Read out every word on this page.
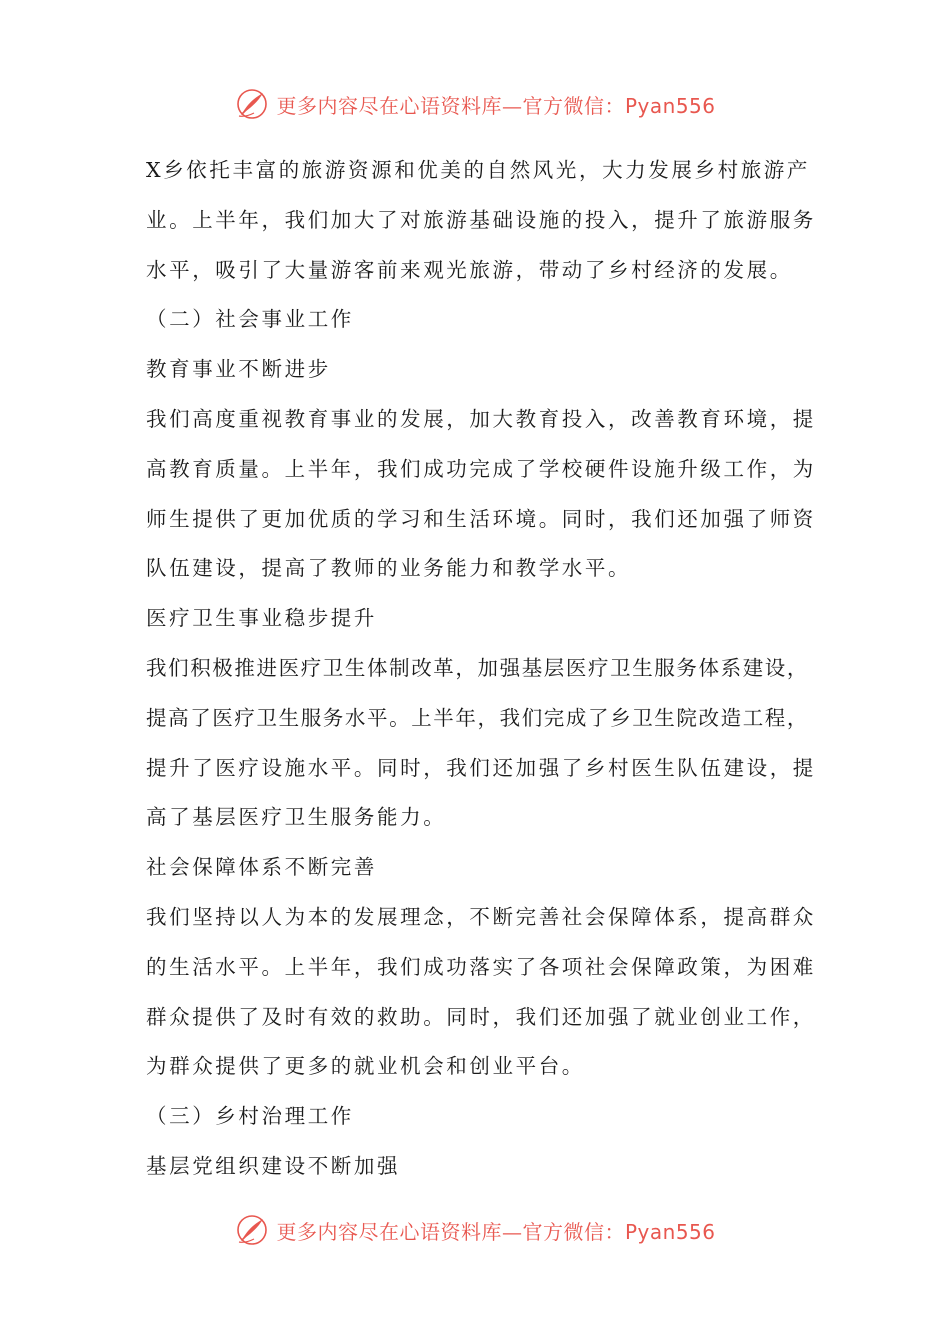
更多内容尽在心语资料库—官方微信：Pyan556
X乡依托丰富的旅游资源和优美的自然风光，大力发展乡村旅游产
业。上半年，我们加大了对旅游基础设施的投入，提升了旅游服务
水平，吸引了大量游客前来观光旅游，带动了乡村经济的发展。
（二）社会事业工作
教育事业不断进步
我们高度重视教育事业的发展，加大教育投入，改善教育环境，提
高教育质量。上半年，我们成功完成了学校硬件设施升级工作，为
师生提供了更加优质的学习和生活环境。同时，我们还加强了师资
队伍建设，提高了教师的业务能力和教学水平。
医疗卫生事业稳步提升
我们积极推进医疗卫生体制改革，加强基层医疗卫生服务体系建设，
提高了医疗卫生服务水平。上半年，我们完成了乡卫生院改造工程，
提升了医疗设施水平。同时，我们还加强了乡村医生队伍建设，提
高了基层医疗卫生服务能力。
社会保障体系不断完善
我们坚持以人为本的发展理念，不断完善社会保障体系，提高群众
的生活水平。上半年，我们成功落实了各项社会保障政策，为困难
群众提供了及时有效的救助。同时，我们还加强了就业创业工作，
为群众提供了更多的就业机会和创业平台。
（三）乡村治理工作
基层党组织建设不断加强
更多内容尽在心语资料库—官方微信：Pyan556
